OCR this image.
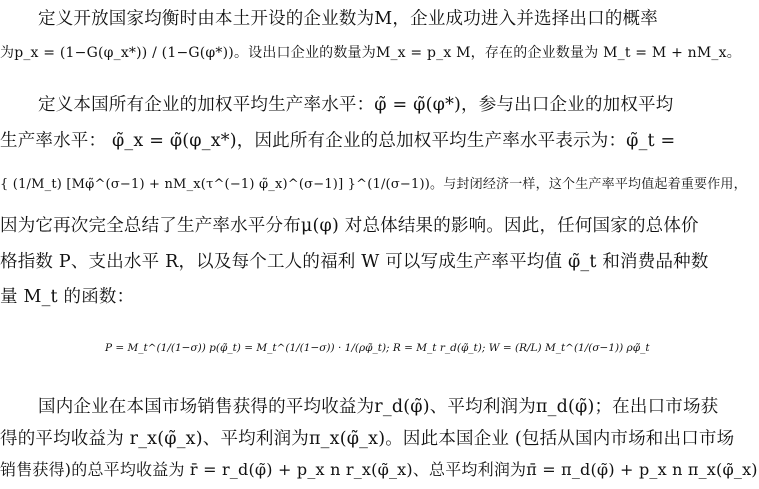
定义开放国家均衡时由本土开设的企业数为M，企业成功进入并选择出口的概率
为p_x = (1−G(φ_x*)) / (1−G(φ*))。设出口企业的数量为M_x = p_x M，存在的企业数量为 M_t = M + nM_x。
定义本国所有企业的加权平均生产率水平：φ̃ = φ̃(φ*)，参与出口企业的加权平均
生产率水平： φ̃_x = φ̃(φ_x*)，因此所有企业的总加权平均生产率水平表示为：φ̃_t =
{ (1/M_t) [Mφ̃^(σ−1) + nM_x(τ^(−1) φ̃_x)^(σ−1)] }^(1/(σ−1))。与封闭经济一样，这个生产率平均值起着重要作用，
因为它再次完全总结了生产率水平分布μ(φ) 对总体结果的影响。因此，任何国家的总体价
格指数 P、支出水平 R，以及每个工人的福利 W 可以写成生产率平均值 φ̃_t 和消费品种数
量 M_t 的函数：
P = M_t^(1/(1−σ)) p(φ̃_t) = M_t^(1/(1−σ)) · 1/(ρφ̃_t); R = M_t r_d(φ̃_t); W = (R/L) M_t^(1/(σ−1)) ρφ̃_t
国内企业在本国市场销售获得的平均收益为r_d(φ̃)、平均利润为π_d(φ̃)；在出口市场获
得的平均收益为 r_x(φ̃_x)、平均利润为π_x(φ̃_x)。因此本国企业 (包括从国内市场和出口市场
销售获得)的总平均收益为 r̄ = r_d(φ̃) + p_x n r_x(φ̃_x)、总平均利润为π̄ = π_d(φ̃) + p_x n π_x(φ̃_x)
